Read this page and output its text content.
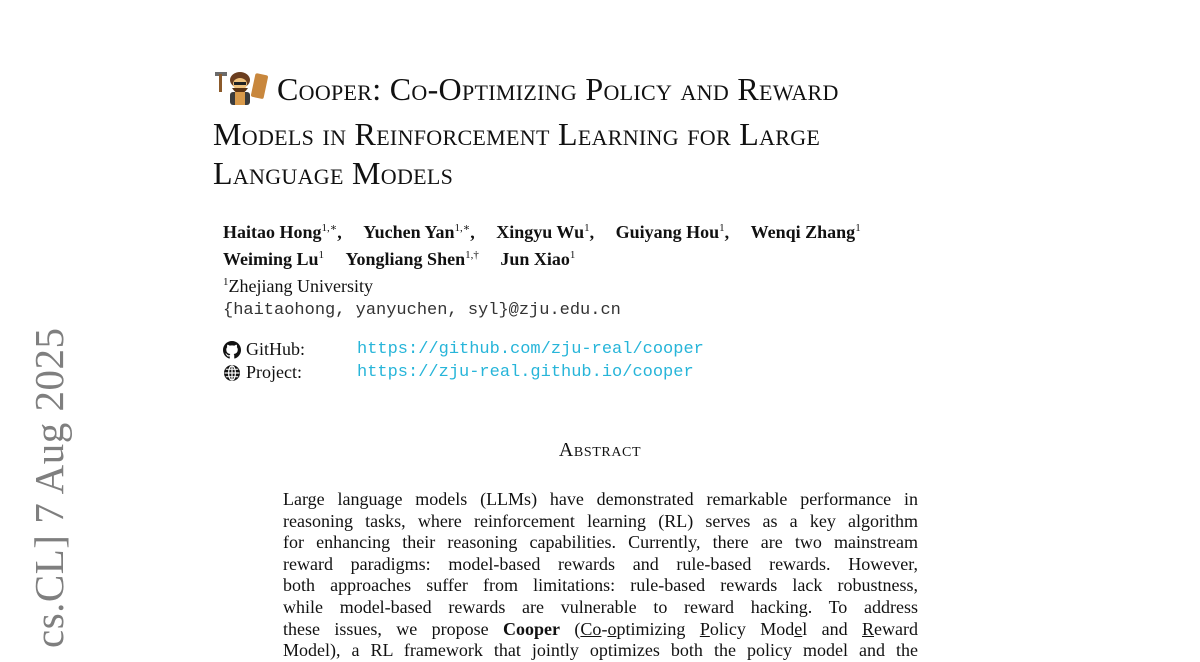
cs.CL] 7 Aug 2025
Cooper: Co-Optimizing Policy and Reward
Models in Reinforcement Learning for Large
Language Models
Haitao Hong$^{1,∗}$, Yuchen Yan$^{1,∗}$, Xingyu Wu$^1$, Guiyang Hou$^1$, Wenqi Zhang$^1$
Weiming Lu$^1$ Yongliang Shen$^{1,\dagger}$ Jun Xiao$^1$
$^1$Zhejiang University
{haitaohong, yanyuchen, syl}@zju.edu.cn
GitHub:	https://github.com/zju-real/cooper
Project:	https://zju-real.github.io/cooper
Abstract
Large language models (LLMs) have demonstrated remarkable performance in
reasoning tasks, where reinforcement learning (RL) serves as a key algorithm
for enhancing their reasoning capabilities. Currently, there are two mainstream
reward paradigms: model-based rewards and rule-based rewards. However,
both approaches suffer from limitations: rule-based rewards lack robustness,
while model-based rewards are vulnerable to reward hacking. To address
these issues, we propose Cooper (Co-optimizing Policy Model and Reward
Model), a RL framework that jointly optimizes both the policy model and the
